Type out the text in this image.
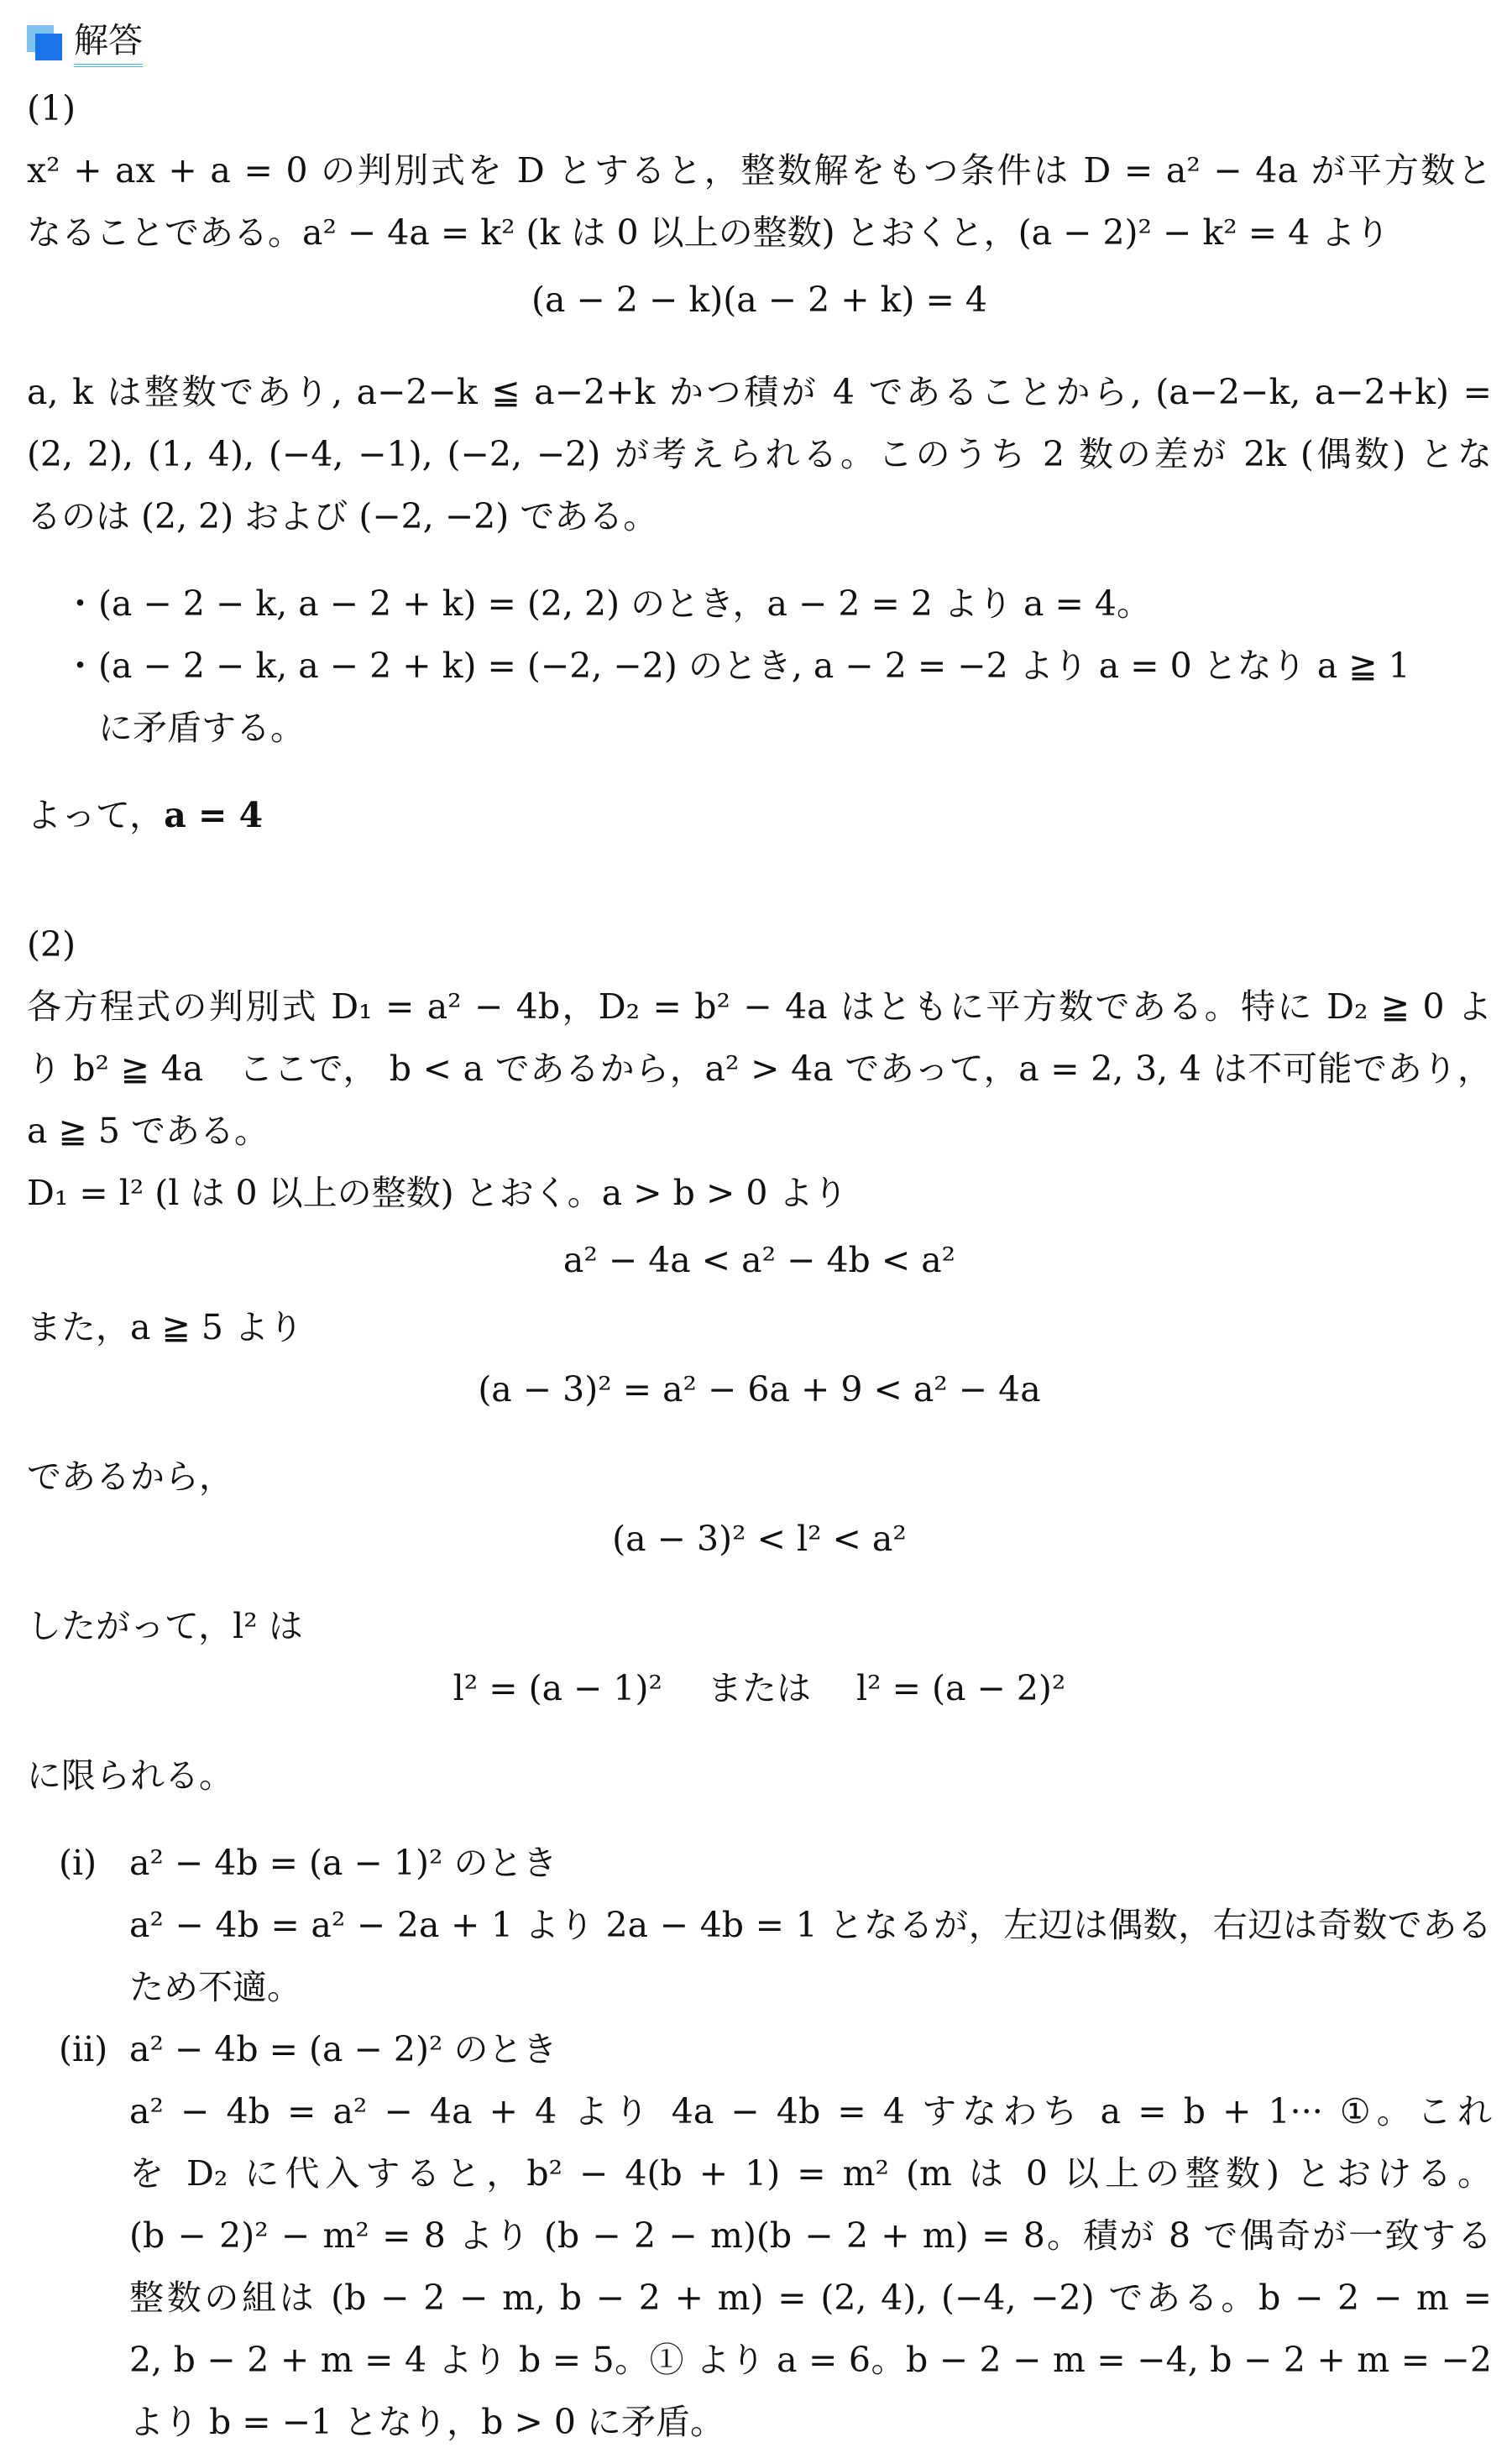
解答

(1)

x² + ax + a = 0 の判別式を D とすると，整数解をもつ条件は D = a² − 4a が平方数と

なることである。a² − 4a = k² (k は 0 以上の整数) とおくと，(a − 2)² − k² = 4 より

(a − 2 − k)(a − 2 + k) = 4

a, k は整数であり, a−2−k ≦ a−2+k かつ積が 4 であることから, (a−2−k, a−2+k) =

(2, 2), (1, 4), (−4, −1), (−2, −2) が考えられる。このうち 2 数の差が 2k (偶数) とな

るのは (2, 2) および (−2, −2) である。

・ (a − 2 − k, a − 2 + k) = (2, 2) のとき，a − 2 = 2 より a = 4。
・ (a − 2 − k, a − 2 + k) = (−2, −2) のとき, a − 2 = −2 より a = 0 となり a ≧ 1
に矛盾する。

よって，a = 4

(2)

各方程式の判別式 D₁ = a² − 4b，D₂ = b² − 4a はともに平方数である。特に D₂ ≧ 0 よ

り b² ≧ 4a　ここで， b < a であるから，a² > 4a であって，a = 2, 3, 4 は不可能であり，

a ≧ 5 である。

D₁ = l² (l は 0 以上の整数) とおく。a > b > 0 より

a² − 4a < a² − 4b < a²

また，a ≧ 5 より

(a − 3)² = a² − 6a + 9 < a² − 4a

であるから，

(a − 3)² < l² < a²

したがって，l² は

l² = (a − 1)²　 または　 l² = (a − 2)²

に限られる。

(i) a² − 4b = (a − 1)² のとき

a² − 4b = a² − 2a + 1 より 2a − 4b = 1 となるが，左辺は偶数，右辺は奇数である

ため不適。

(ii) a² − 4b = (a − 2)² のとき

a² − 4b = a² − 4a + 4 より 4a − 4b = 4 すなわち a = b + 1··· ①。これ

を D₂ に代入すると，b² − 4(b + 1) = m² (m は 0 以上の整数) とおける。

(b − 2)² − m² = 8 より (b − 2 − m)(b − 2 + m) = 8。積が 8 で偶奇が一致する

整数の組は (b − 2 − m, b − 2 + m) = (2, 4), (−4, −2) である。b − 2 − m =

2, b − 2 + m = 4 より b = 5。① より a = 6。b − 2 − m = −4, b − 2 + m = −2

より b = −1 となり，b > 0 に矛盾。
